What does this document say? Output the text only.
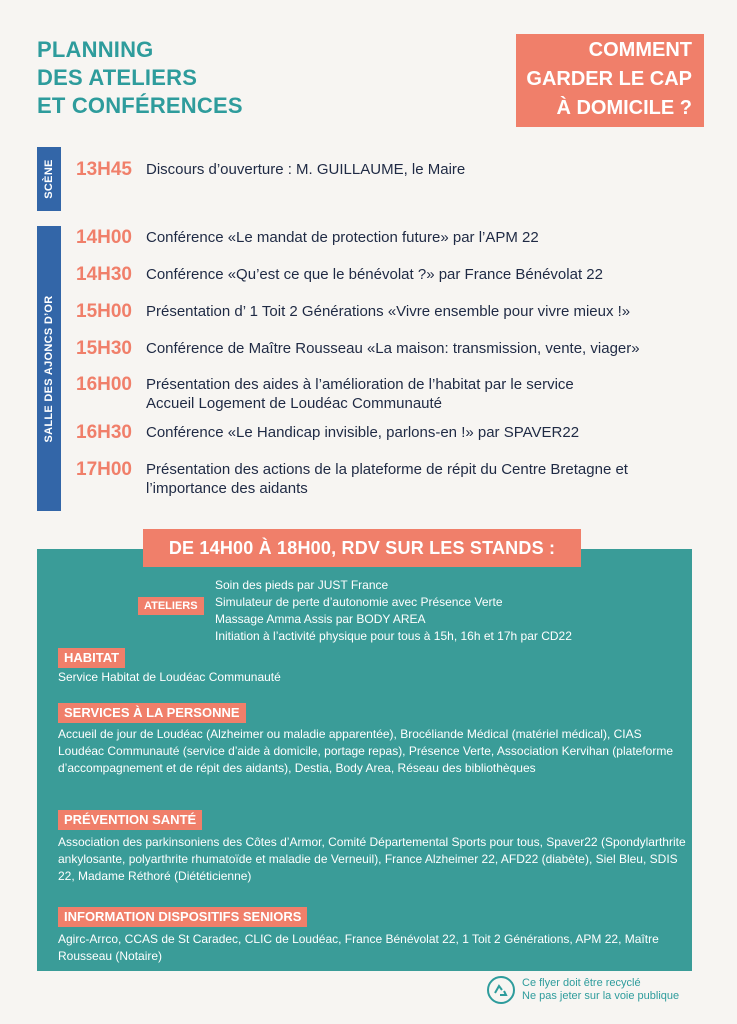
PLANNING
DES ATELIERS
ET CONFÉRENCES
COMMENT
GARDER LE CAP
À DOMICILE ?
SCÈNE 13H45 Discours d’ouverture : M. GUILLAUME, le Maire
SALLE DES AJONCS D’OR
14H00 Conférence «Le mandat de protection future» par l’APM 22
14H30 Conférence «Qu’est ce que le bénévolat ?» par France Bénévolat 22
15H00 Présentation d’ 1 Toit 2 Générations «Vivre ensemble pour vivre mieux !»
15H30 Conférence de Maître Rousseau «La maison: transmission, vente, viager»
16H00 Présentation des aides à l’amélioration de l’habitat par le service Accueil Logement de Loudéac Communauté
16H30 Conférence «Le Handicap invisible, parlons-en !» par SPAVER22
17H00 Présentation des actions de la plateforme de répit du Centre Bretagne et l’importance des aidants
DE 14H00 À 18H00, RDV SUR LES STANDS :
ATELIERS
Soin des pieds par JUST France
Simulateur de perte d’autonomie avec Présence Verte
Massage Amma Assis par BODY AREA
Initiation à l’activité physique pour tous à 15h, 16h et 17h par CD22
HABITAT
Service Habitat de Loudéac Communauté
SERVICES À LA PERSONNE
Accueil de jour de Loudéac (Alzheimer ou maladie apparentée), Brocéliande Médical (matériel médical), CIAS Loudéac Communauté (service d’aide à domicile, portage repas), Présence Verte, Association Kervihan (plateforme d’accompagnement et de répit des aidants), Destia, Body Area, Réseau des bibliothèques
PRÉVENTION SANTÉ
Association des parkinsoniens des Côtes d’Armor, Comité Départemental Sports pour tous, Spaver22 (Spondylarthrite ankylosante, polyarthrite rhumatoïde et maladie de Verneuil), France Alzheimer 22, AFD22 (diabète), Siel Bleu, SDIS 22, Madame Réthoré (Diététicienne)
INFORMATION DISPOSITIFS SENIORS
Agirc-Arrco, CCAS de St Caradec, CLIC de Loudéac, France Bénévolat 22, 1 Toit 2 Générations, APM 22, Maître Rousseau (Notaire)
Ce flyer doit être recyclé
Ne pas jeter sur la voie publique
